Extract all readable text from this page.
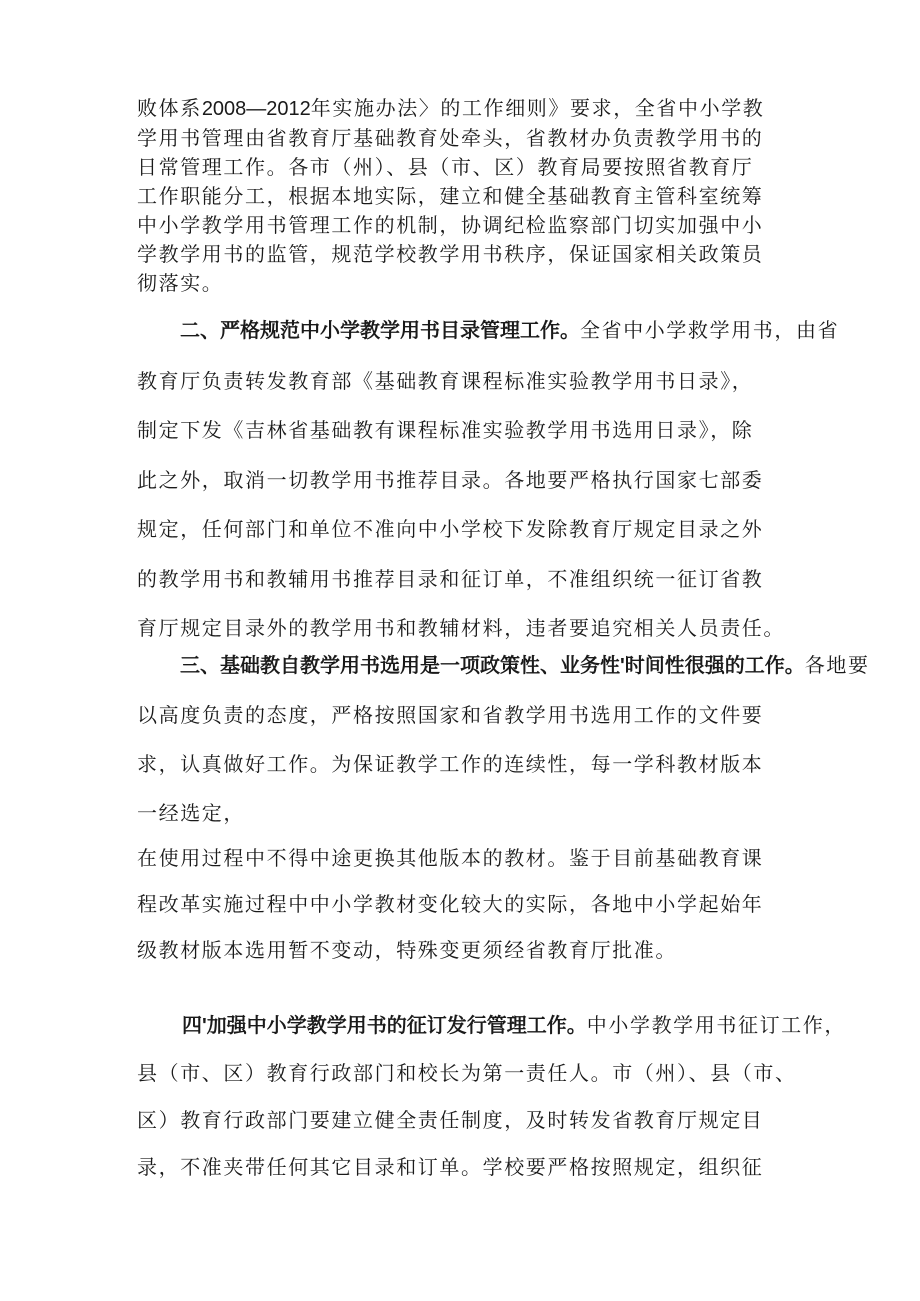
败体系2008—2012年实施办法〉的工作细则》要求，全省中小学教
学用书管理由省教育厅基础教育处牵头，省教材办负责教学用书的
日常管理工作。各市（州）、县（市、区）教育局要按照省教育厅
工作职能分工，根据本地实际，建立和健全基础教育主管科室统筹
中小学教学用书管理工作的机制，协调纪检监察部门切实加强中小
学教学用书的监管，规范学校教学用书秩序，保证国家相关政策员
彻落实。
二、严格规范中小学教学用书目录管理工作。全省中小学救学用书，由省
教育厅负责转发教育部《基础教育课程标准实验教学用书日录》，
制定下发《吉林省基础教有课程标准实验教学用书选用日录》，除
此之外，取消一切教学用书推荐目录。各地要严格执行国家七部委
规定，任何部门和单位不准向中小学校下发除教育厅规定目录之外
的教学用书和教辅用书推荐目录和征订单，不准组织统一征订省教
育厅规定目录外的教学用书和教辅材料，违者要追究相关人员责任。
三、基础教自教学用书选用是一项政策性、业务性'时间性很强的工作。各地要
以高度负责的态度，严格按照国家和省教学用书选用工作的文件要
求，认真做好工作。为保证教学工作的连续性，每一学科教材版本
一经选定，
在使用过程中不得中途更换其他版本的教材。鉴于目前基础教育课
程改革实施过程中中小学教材变化较大的实际，各地中小学起始年
级教材版本选用暂不变动，特殊变更须经省教育厅批准。
四'加强中小学教学用书的征订发行管理工作。中小学教学用书征订工作，
县（市、区）教育行政部门和校长为第一责任人。市（州）、县（市、
区）教育行政部门要建立健全责任制度，及时转发省教育厅规定目
录，不准夹带任何其它目录和订单。学校要严格按照规定，组织征
